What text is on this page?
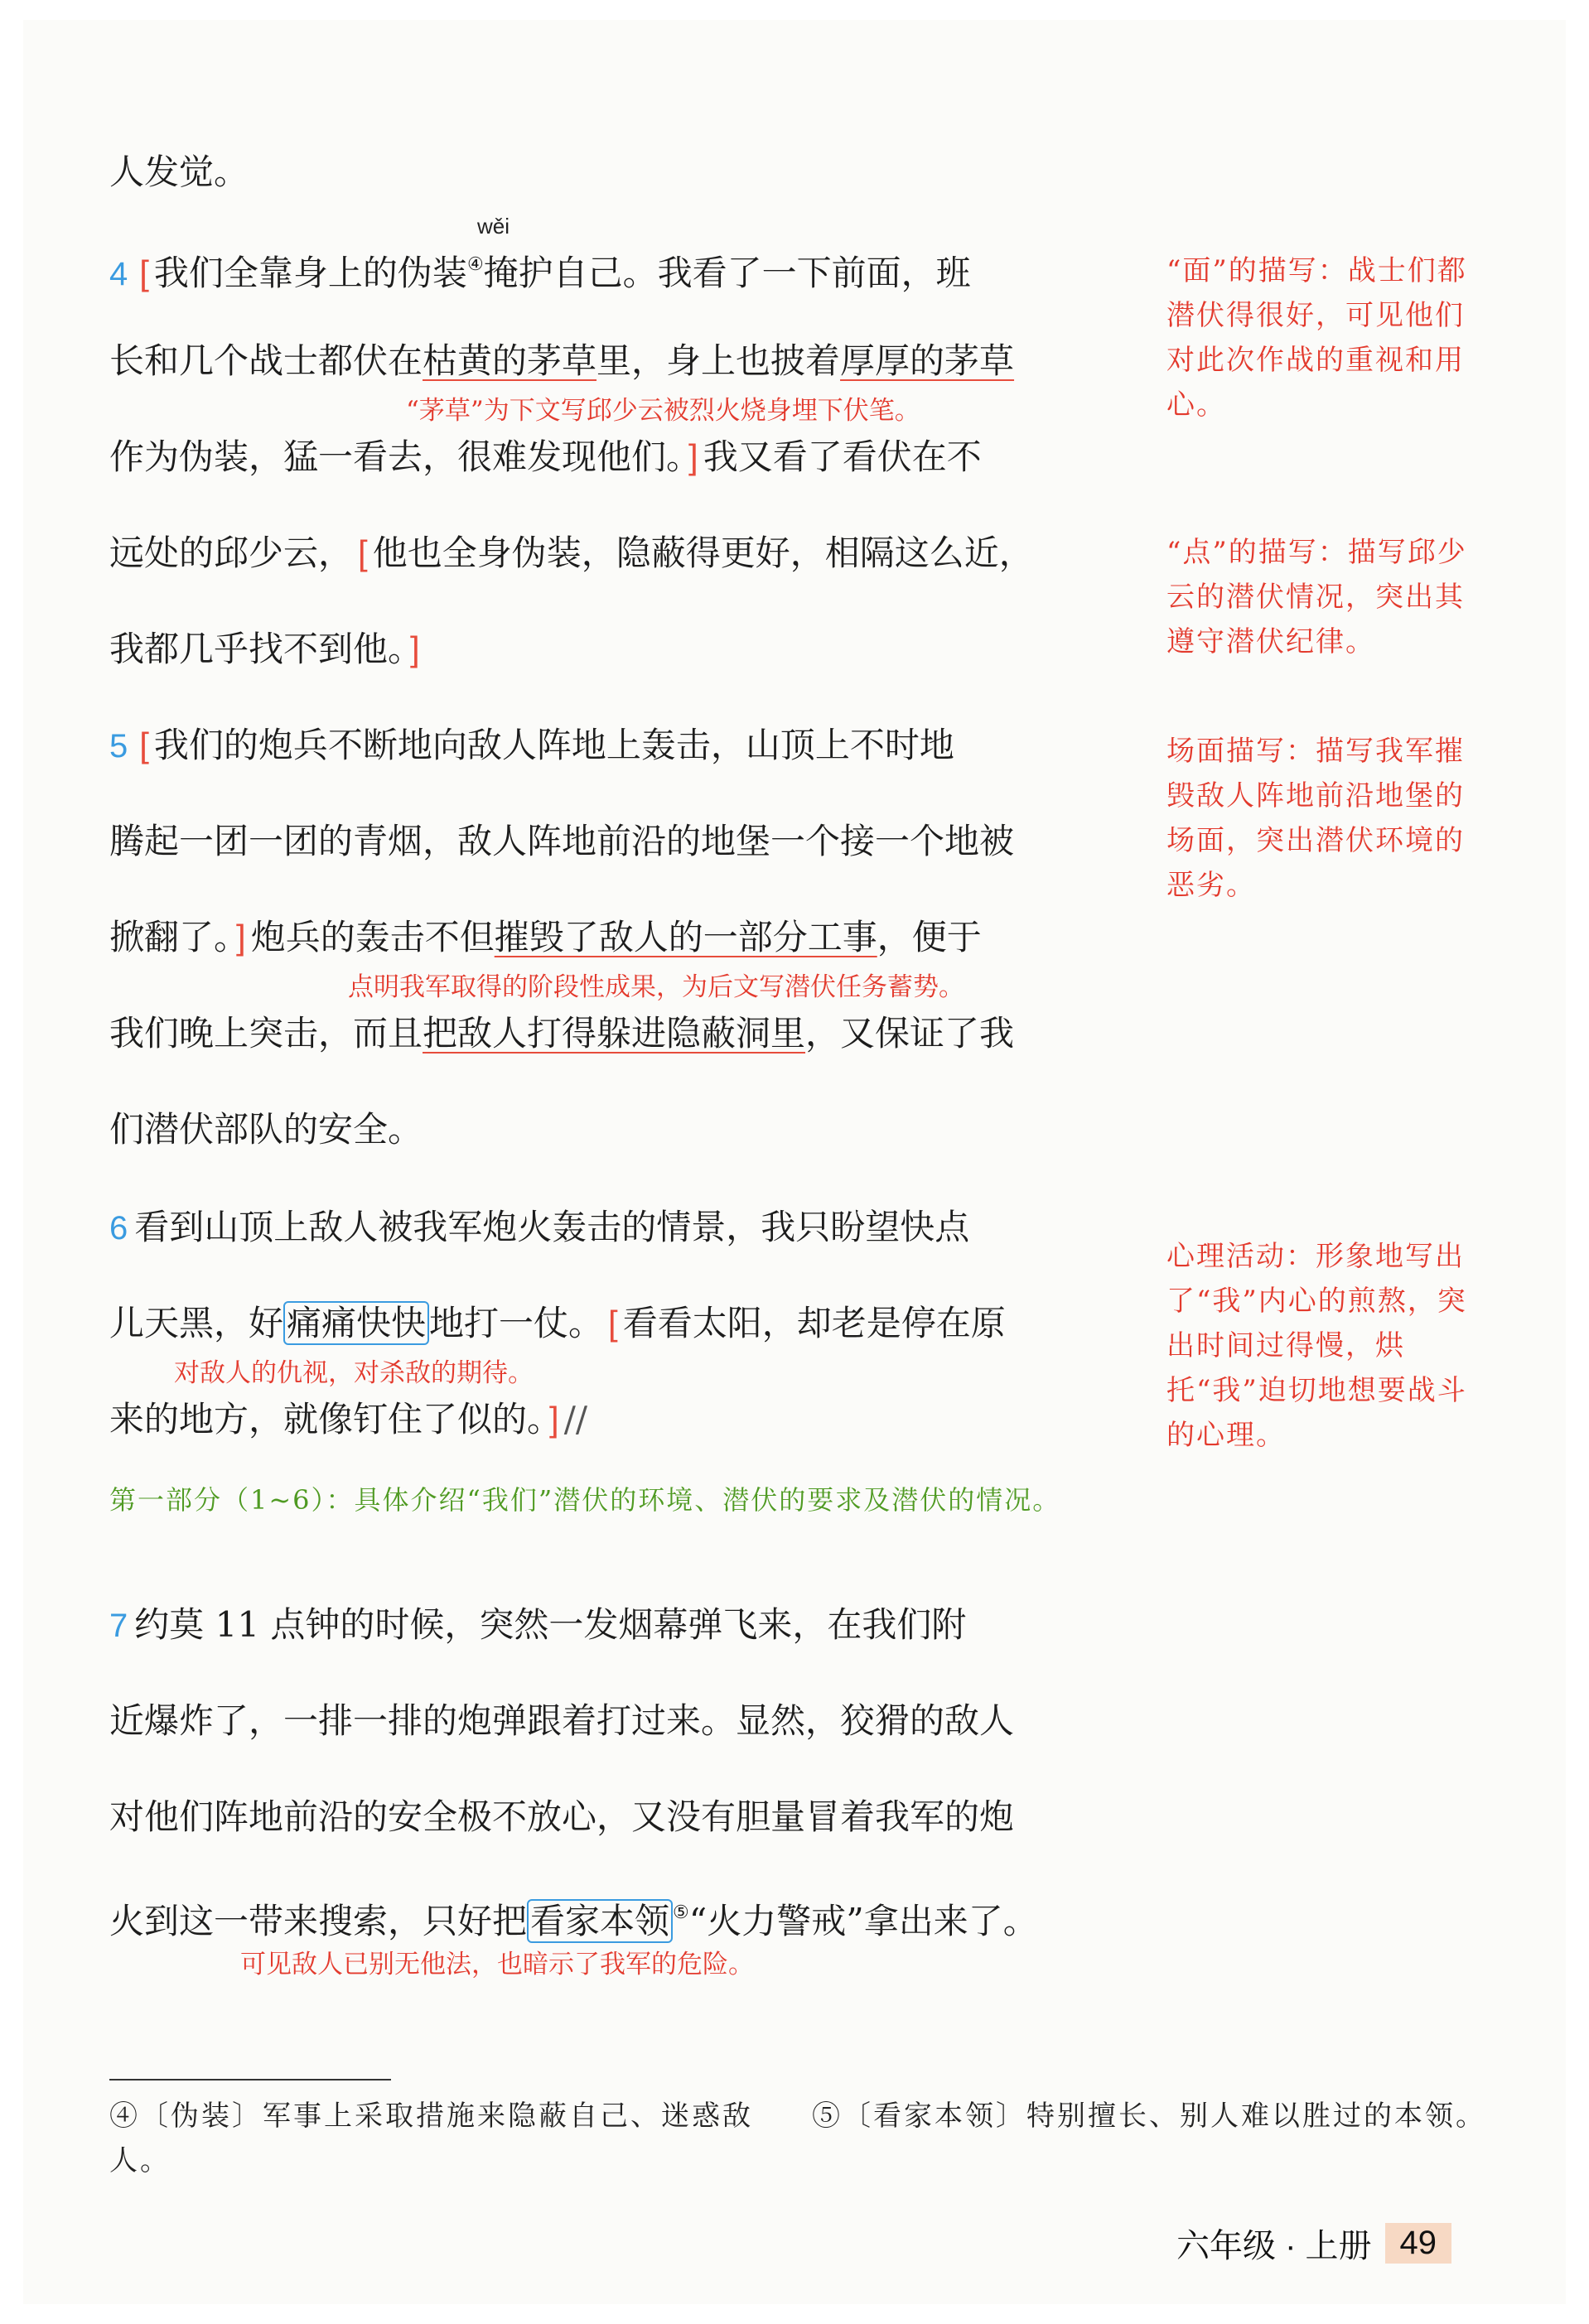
人发觉。
wěi
4 [ 我们全靠身上的伪装④掩护自己。我看了一下前面，班
长和几个战士都伏在枯黄的茅草里，身上也披着厚厚的茅草
“茅草”为下文写邱少云被烈火烧身埋下伏笔。
作为伪装，猛一看去，很难发现他们。 ] 我又看了看伏在不
远处的邱少云， [ 他也全身伪装，隐蔽得更好，相隔这么近，
我都几乎找不到他。 ]
“面”的描写：战士们都潜伏得很好，可见他们对此次作战的重视和用心。
“点”的描写：描写邱少云的潜伏情况，突出其遵守潜伏纪律。
5 [ 我们的炮兵不断地向敌人阵地上轰击，山顶上不时地
腾起一团一团的青烟，敌人阵地前沿的地堡一个接一个地被
掀翻了。 ] 炮兵的轰击不但摧毁了敌人的一部分工事，便于
点明我军取得的阶段性成果，为后文写潜伏任务蓄势。
我们晚上突击，而且把敌人打得躲进隐蔽洞里，又保证了我
们潜伏部队的安全。
场面描写：描写我军摧毁敌人阵地前沿地堡的场面，突出潜伏环境的恶劣。
6 看到山顶上敌人被我军炮火轰击的情景，我只盼望快点
儿天黑，好痛痛快快地打一仗。 [ 看看太阳，却老是停在原
对敌人的仇视，对杀敌的期待。
来的地方，就像钉住了似的。 ] //
心理活动：形象地写出了“我”内心的煎熬，突出时间过得慢，烘托“我”迫切地想要战斗的心理。
第一部分（1~6）：具体介绍“我们”潜伏的环境、潜伏的要求及潜伏的情况。
7 约莫 11 点钟的时候，突然一发烟幕弹飞来，在我们附
近爆炸了，一排一排的炮弹跟着打过来。显然，狡猾的敌人
对他们阵地前沿的安全极不放心，又没有胆量冒着我军的炮
火到这一带来搜索，只好把看家本领 ⑤“火力警戒”拿出来了。
可见敌人已别无他法，也暗示了我军的危险。
④〔伪装〕军事上采取措施来隐蔽自己、迷惑敌人。
⑤〔看家本领〕特别擅长、别人难以胜过的本领。
六年级 · 上册 49
